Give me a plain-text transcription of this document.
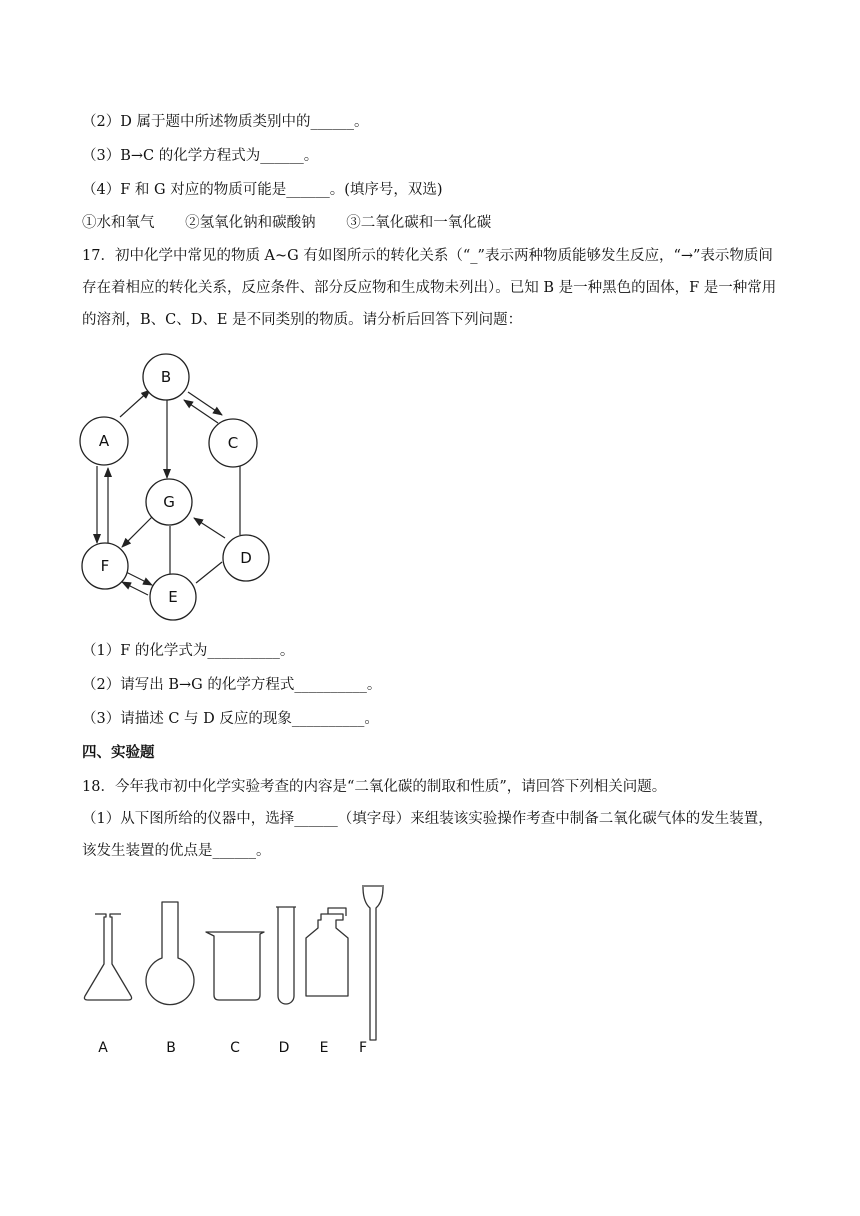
（2）D 属于题中所述物质类别中的______。
（3）B→C 的化学方程式为______。
（4）F 和 G 对应的物质可能是______。(填序号，双选)
①水和氧气 ②氢氧化钠和碳酸钠 ③二氧化碳和一氧化碳
17．初中化学中常见的物质 A~G 有如图所示的转化关系（“_”表示两种物质能够发生反应，“→”表示物质间存在着相应的转化关系，反应条件、部分反应物和生成物未列出）。已知 B 是一种黑色的固体，F 是一种常用的溶剂，B、C、D、E 是不同类别的物质。请分析后回答下列问题：
B
A	C
G
D
F
E
（1）F 的化学式为__________。
（2）请写出 B→G 的化学方程式__________。
（3）请描述 C 与 D 反应的现象__________。
四、实验题
18．今年我市初中化学实验考查的内容是“二氧化碳的制取和性质”，请回答下列相关问题。
（1）从下图所给的仪器中，选择______（填字母）来组装该实验操作考查中制备二氧化碳气体的发生装置，该发生装置的优点是______。
A	B	C	D E F
